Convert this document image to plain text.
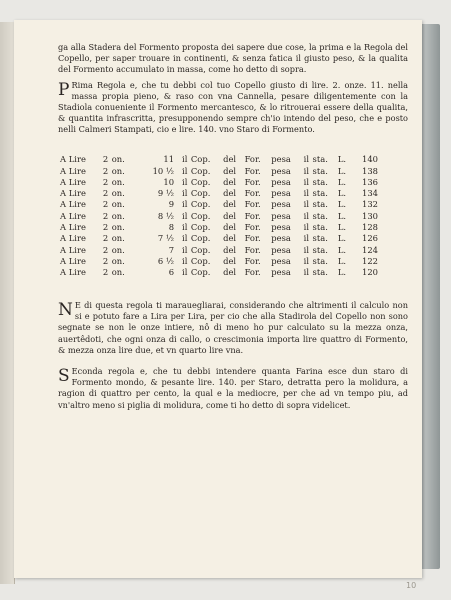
ga alla Stadera del Formento proposta dei sapere due cose, la prima e la Regola del Copello, per saper trouare in continenti, & senza fatica il giusto peso, & la qualita del Formento accumulato in massa, come ho detto di sopra.

P Rima Regola e, che tu debbi col tuo Copello giusto di lire. 2. onze. 11. nella massa propia pieno, & raso con vna Cannella, pesare diligentemente con la Stadiola conueniente il Formento mercantesco, & lo ritrouerai essere della qualita, & quantita infrascritta, presupponendo sempre ch'io intendo del peso, che e posto nelli Calmeri Stampati, cio e lire. 140. vno Staro di Formento.

A Lire	2	on.	11	il	Cop.	del	For.	pesa	il	sta.	L.	140
A Lire	2	on.	10 ½	il	Cop.	del	For.	pesa	il	sta.	L.	138
A Lire	2	on.	10	il	Cop.	del	For.	pesa	il	sta.	L.	136
A Lire	2	on.	9 ½	il	Cop.	del	For.	pesa	il	sta.	L.	134
A Lire	2	on.	9	il	Cop.	del	For.	pesa	il	sta.	L.	132
A Lire	2	on.	8 ½	il	Cop.	del	For.	pesa	il	sta.	L.	130
A Lire	2	on.	8	il	Cop.	del	For.	pesa	il	sta.	L.	128
A Lire	2	on.	7 ½	il	Cop.	del	For.	pesa	il	sta.	L.	126
A Lire	2	on.	7	il	Cop.	del	For.	pesa	il	sta.	L.	124
A Lire	2	on.	6 ½	il	Cop.	del	For.	pesa	il	sta.	L.	122
A Lire	2	on.	6	il	Cop.	del	For.	pesa	il	sta.	L.	120

N E di questa regola ti marauegliarai, considerando che altrimenti il calculo non si e potuto fare a Lira per Lira, per cio che alla Stadirola del Copello non sono segnate se non le onze intiere, nô di meno ho pur calculato su la mezza onza, auertêdoti, che ogni onza di callo, o crescimonia importa lire quattro di Formento, & mezza onza lire due, et vn quarto lire vna.

S Econda regola e, che tu debbi intendere quanta Farina esce dun staro di Formento mondo, & pesante lire. 140. per Staro, detratta pero la molidura, a ragion di quattro per cento, la qual e la mediocre, per che ad vn tempo piu, ad vn'altro meno si piglia di molidura, come ti ho detto di sopra videlicet.

10
